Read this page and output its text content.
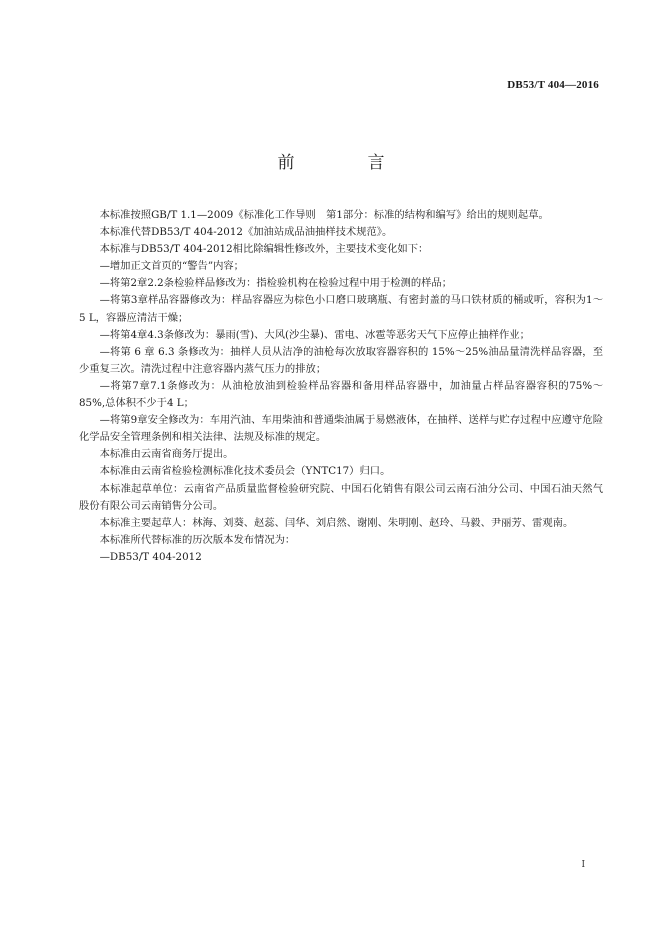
DB53/T 404—2016
前　言

本标准按照GB/T 1.1—2009《标准化工作导则　第1部分：标准的结构和编写》给出的规则起草。

本标准代替DB53/T 404-2012《加油站成品油抽样技术规范》。

本标准与DB53/T 404-2012相比除编辑性修改外，主要技术变化如下：

—增加正文首页的“警告”内容；

—将第2章2.2条检验样品修改为：指检验机构在检验过程中用于检测的样品；

—将第3章样品容器修改为：样品容器应为棕色小口磨口玻璃瓶、有密封盖的马口铁材质的桶或听，容积为1～5 L，容器应清洁干燥；

—将第4章4.3条修改为：暴雨(雪)、大风(沙尘暴)、雷电、冰雹等恶劣天气下应停止抽样作业；

—将第 6 章 6.3 条修改为：抽样人员从洁净的油枪每次放取容器容积的 15%～25%油品量清洗样品容器，至少重复三次。清洗过程中注意容器内蒸气压力的排放；

—将第7章7.1条修改为：从油枪放油到检验样品容器和备用样品容器中，加油量占样品容器容积的75%～85%,总体积不少于4 L；

—将第9章安全修改为：车用汽油、车用柴油和普通柴油属于易燃液体，在抽样、送样与贮存过程中应遵守危险化学品安全管理条例和相关法律、法规及标准的规定。

本标准由云南省商务厅提出。

本标准由云南省检验检测标准化技术委员会（YNTC17）归口。

本标准起草单位：云南省产品质量监督检验研究院、中国石化销售有限公司云南石油分公司、中国石油天然气股份有限公司云南销售分公司。

本标准主要起草人：林海、刘葵、赵蕊、闫华、刘启然、谢刚、朱明刚、赵玲、马毅、尹丽芳、雷观南。

本标准所代替标准的历次版本发布情况为：

—DB53/T 404-2012

I
